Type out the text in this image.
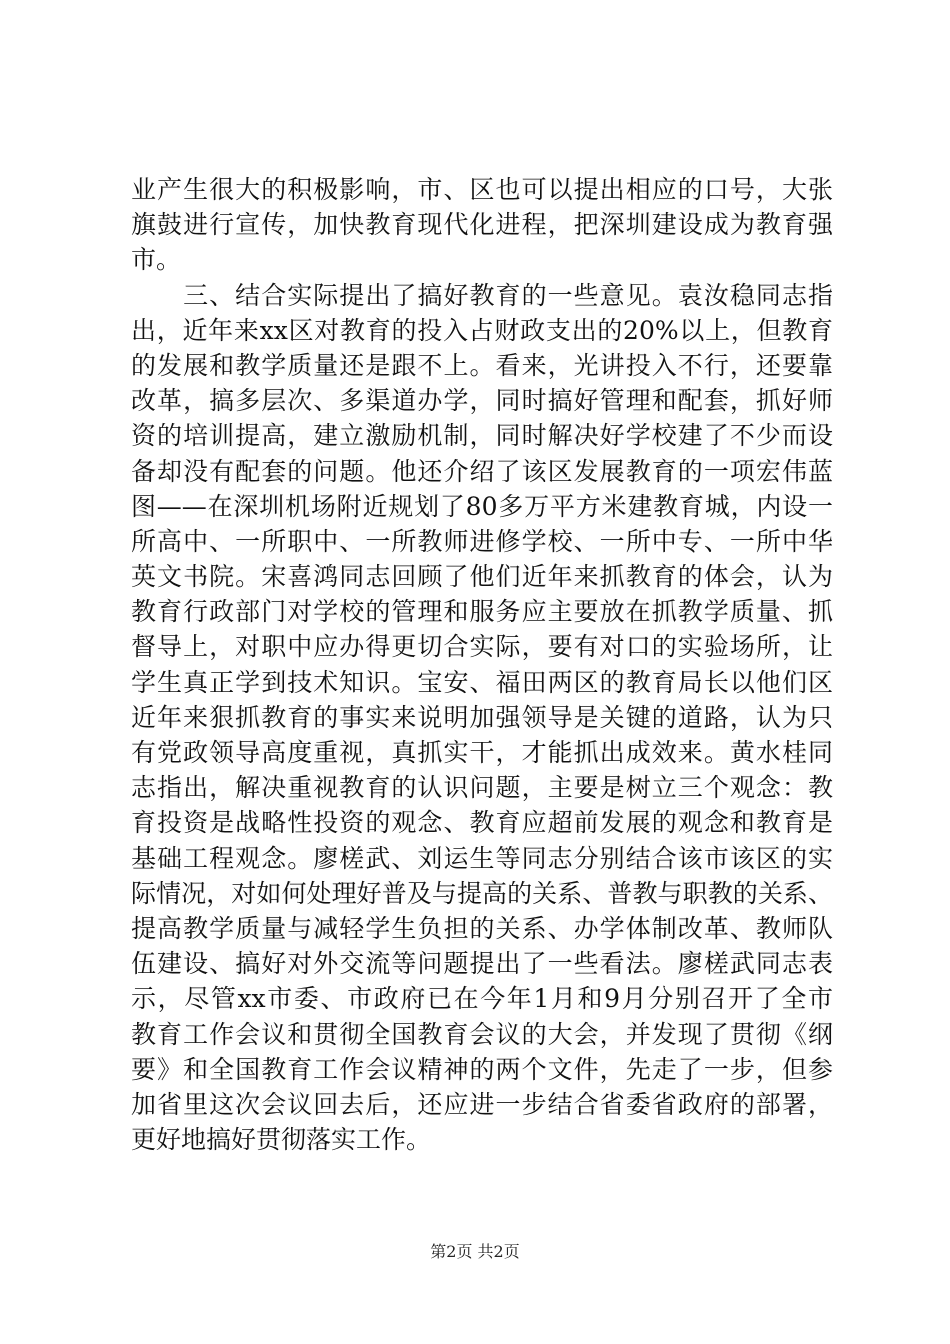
业产生很大的积极影响，市、区也可以提出相应的口号，大张
旗鼓进行宣传，加快教育现代化进程，把深圳建设成为教育强
市。
　　三、结合实际提出了搞好教育的一些意见。袁汝稳同志指
出，近年来xx区对教育的投入占财政支出的20%以上，但教育
的发展和教学质量还是跟不上。看来，光讲投入不行，还要靠
改革，搞多层次、多渠道办学，同时搞好管理和配套，抓好师
资的培训提高，建立激励机制，同时解决好学校建了不少而设
备却没有配套的问题。他还介绍了该区发展教育的一项宏伟蓝
图——在深圳机场附近规划了80多万平方米建教育城，内设一
所高中、一所职中、一所教师进修学校、一所中专、一所中华
英文书院。宋喜鸿同志回顾了他们近年来抓教育的体会，认为
教育行政部门对学校的管理和服务应主要放在抓教学质量、抓
督导上，对职中应办得更切合实际，要有对口的实验场所，让
学生真正学到技术知识。宝安、福田两区的教育局长以他们区
近年来狠抓教育的事实来说明加强领导是关键的道路，认为只
有党政领导高度重视，真抓实干，才能抓出成效来。黄水桂同
志指出，解决重视教育的认识问题，主要是树立三个观念：教
育投资是战略性投资的观念、教育应超前发展的观念和教育是
基础工程观念。廖槎武、刘运生等同志分别结合该市该区的实
际情况，对如何处理好普及与提高的关系、普教与职教的关系、
提高教学质量与减轻学生负担的关系、办学体制改革、教师队
伍建设、搞好对外交流等问题提出了一些看法。廖槎武同志表
示，尽管xx市委、市政府已在今年1月和9月分别召开了全市
教育工作会议和贯彻全国教育会议的大会，并发现了贯彻《纲
要》和全国教育工作会议精神的两个文件，先走了一步，但参
加省里这次会议回去后，还应进一步结合省委省政府的部署，
更好地搞好贯彻落实工作。
第2页 共2页
